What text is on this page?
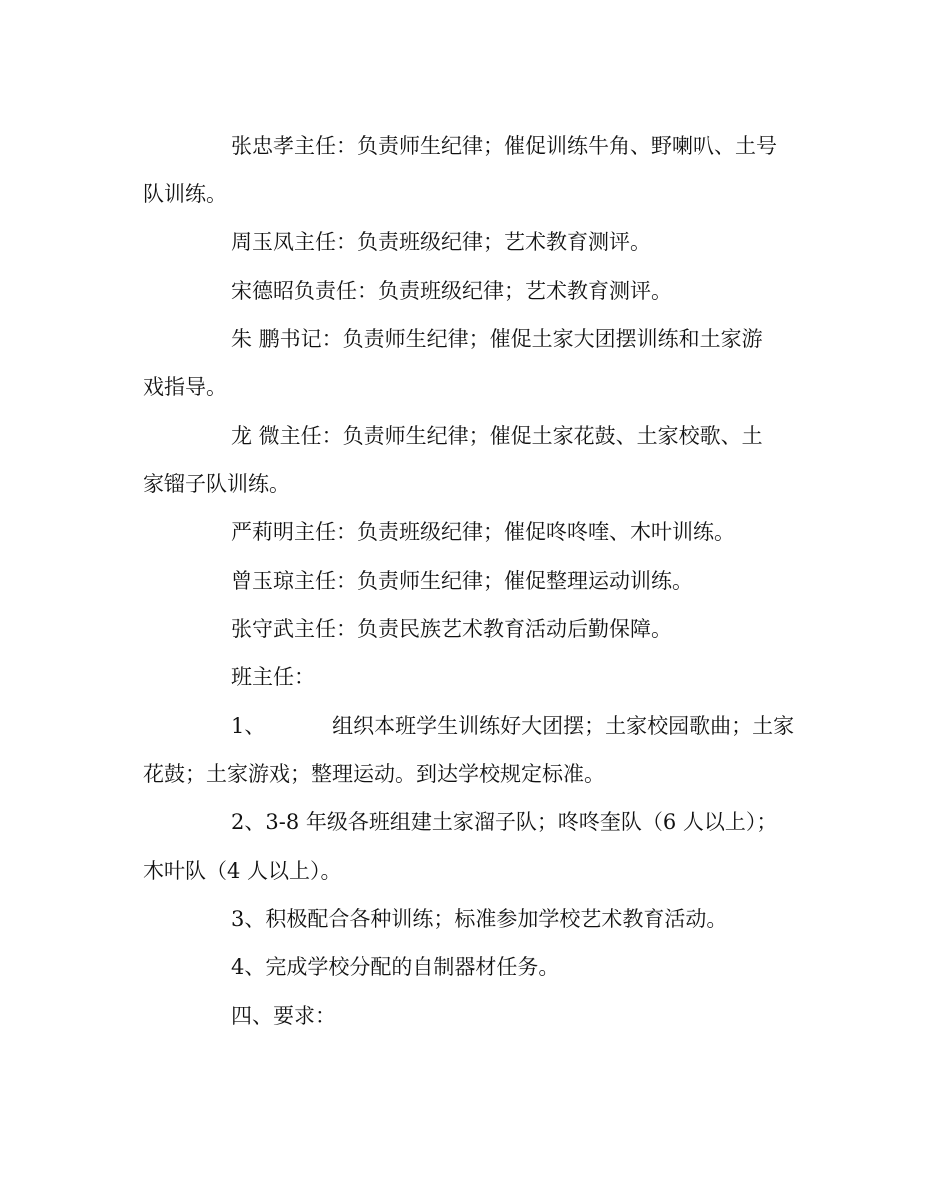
张忠孝主任：负责师生纪律；催促训练牛角、野喇叭、土号
队训练。
周玉凤主任：负责班级纪律；艺术教育测评。
宋德昭负责任：负责班级纪律；艺术教育测评。
朱 鹏书记：负责师生纪律；催促土家大团摆训练和土家游
戏指导。
龙 微主任：负责师生纪律；催促土家花鼓、土家校歌、土
家镏子队训练。
严莉明主任：负责班级纪律；催促咚咚喹、木叶训练。
曾玉琼主任：负责师生纪律；催促整理运动训练。
张守武主任：负责民族艺术教育活动后勤保障。
班主任：
1、          组织本班学生训练好大团摆；土家校园歌曲；土家
花鼓；土家游戏；整理运动。到达学校规定标准。
2、3-8 年级各班组建土家溜子队；咚咚奎队（6 人以上）；
木叶队（4 人以上）。
3、积极配合各种训练；标准参加学校艺术教育活动。
4、完成学校分配的自制器材任务。
四、要求：
